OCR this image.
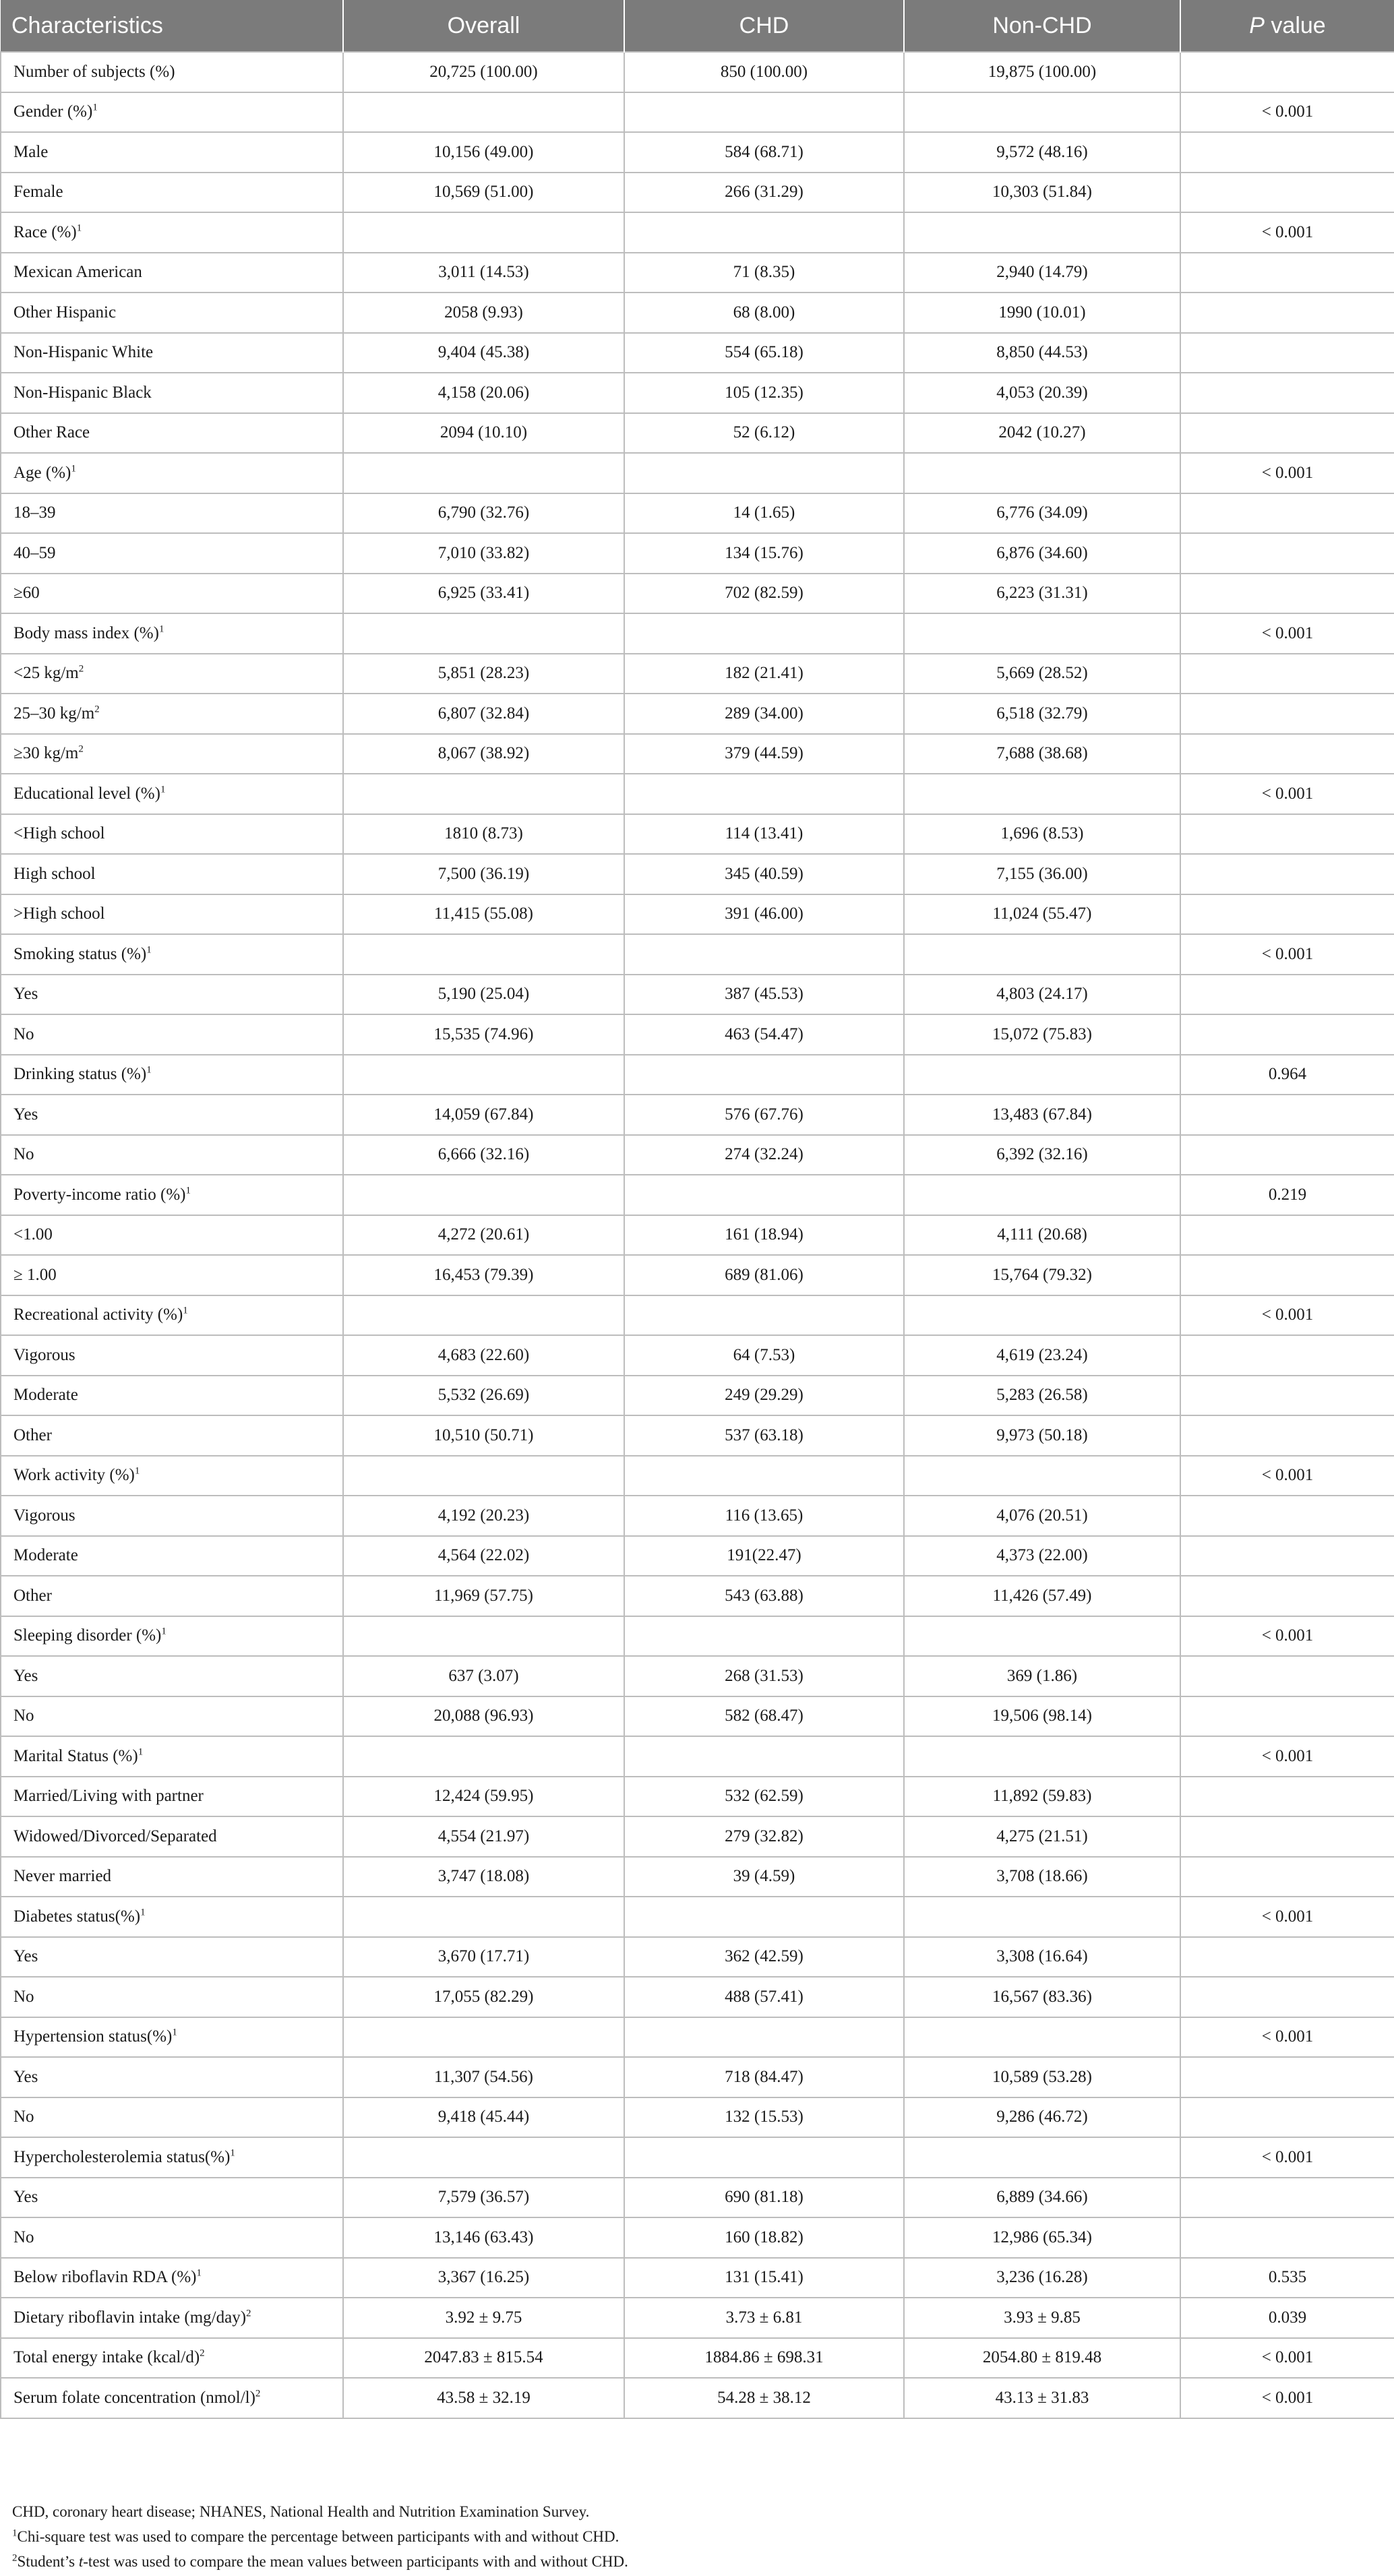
Characteristics	Overall	CHD	Non-CHD	P value
Number of subjects (%)	20,725 (100.00)	850 (100.00)	19,875 (100.00)	
Gender (%)$^1$				< 0.001
Male	10,156 (49.00)	584 (68.71)	9,572 (48.16)	
Female	10,569 (51.00)	266 (31.29)	10,303 (51.84)	
Race (%)$^1$				< 0.001
Mexican American	3,011 (14.53)	71 (8.35)	2,940 (14.79)	
Other Hispanic	2058 (9.93)	68 (8.00)	1990 (10.01)	
Non-Hispanic White	9,404 (45.38)	554 (65.18)	8,850 (44.53)	
Non-Hispanic Black	4,158 (20.06)	105 (12.35)	4,053 (20.39)	
Other Race	2094 (10.10)	52 (6.12)	2042 (10.27)	
Age (%)$^1$				< 0.001
18–39	6,790 (32.76)	14 (1.65)	6,776 (34.09)	
40–59	7,010 (33.82)	134 (15.76)	6,876 (34.60)	
≥60	6,925 (33.41)	702 (82.59)	6,223 (31.31)	
Body mass index (%)$^1$				< 0.001
<25 $kg/m^2$	5,851 (28.23)	182 (21.41)	5,669 (28.52)	
25–30 $kg/m^2$	6,807 (32.84)	289 (34.00)	6,518 (32.79)	
≥30 $kg/m^2$	8,067 (38.92)	379 (44.59)	7,688 (38.68)	
Educational level (%)$^1$				< 0.001
<High school	1810 (8.73)	114 (13.41)	1,696 (8.53)	
High school	7,500 (36.19)	345 (40.59)	7,155 (36.00)	
>High school	11,415 (55.08)	391 (46.00)	11,024 (55.47)	
Smoking status (%)$^1$				< 0.001
Yes	5,190 (25.04)	387 (45.53)	4,803 (24.17)	
No	15,535 (74.96)	463 (54.47)	15,072 (75.83)	
Drinking status (%)$^1$				0.964
Yes	14,059 (67.84)	576 (67.76)	13,483 (67.84)	
No	6,666 (32.16)	274 (32.24)	6,392 (32.16)	
Poverty-income ratio (%)$^1$				0.219
<1.00	4,272 (20.61)	161 (18.94)	4,111 (20.68)	
≥ 1.00	16,453 (79.39)	689 (81.06)	15,764 (79.32)	
Recreational activity (%)$^1$				< 0.001
Vigorous	4,683 (22.60)	64 (7.53)	4,619 (23.24)	
Moderate	5,532 (26.69)	249 (29.29)	5,283 (26.58)	
Other	10,510 (50.71)	537 (63.18)	9,973 (50.18)	
Work activity (%)$^1$				< 0.001
Vigorous	4,192 (20.23)	116 (13.65)	4,076 (20.51)	
Moderate	4,564 (22.02)	191(22.47)	4,373 (22.00)	
Other	11,969 (57.75)	543 (63.88)	11,426 (57.49)	
Sleeping disorder (%)$^1$				< 0.001
Yes	637 (3.07)	268 (31.53)	369 (1.86)	
No	20,088 (96.93)	582 (68.47)	19,506 (98.14)	
Marital Status (%)$^1$				< 0.001
Married/Living with partner	12,424 (59.95)	532 (62.59)	11,892 (59.83)	
Widowed/Divorced/Separated	4,554 (21.97)	279 (32.82)	4,275 (21.51)	
Never married	3,747 (18.08)	39 (4.59)	3,708 (18.66)	
Diabetes status(%)$^1$				< 0.001
Yes	3,670 (17.71)	362 (42.59)	3,308 (16.64)	
No	17,055 (82.29)	488 (57.41)	16,567 (83.36)	
Hypertension status(%)$^1$				< 0.001
Yes	11,307 (54.56)	718 (84.47)	10,589 (53.28)	
No	9,418 (45.44)	132 (15.53)	9,286 (46.72)	
Hypercholesterolemia status(%)$^1$				< 0.001
Yes	7,579 (36.57)	690 (81.18)	6,889 (34.66)	
No	13,146 (63.43)	160 (18.82)	12,986 (65.34)	
Below riboflavin RDA (%)$^1$	3,367 (16.25)	131 (15.41)	3,236 (16.28)	0.535
Dietary riboflavin intake $(mg/day)^2$	3.92 ± 9.75	3.73 ± 6.81	3.93 ± 9.85	0.039
Total energy intake (kcal/d)$^2$	2047.83 ± 815.54	1884.86 ± 698.31	2054.80 ± 819.48	< 0.001
Serum folate concentration (nmol/l)$^2$	43.58 ± 32.19	54.28 ± 38.12	43.13 ± 31.83	< 0.001
CHD, coronary heart disease; NHANES, National Health and Nutrition Examination Survey.
$^1$Chi-square test was used to compare the percentage between participants with and without CHD.
$^2$Student’s t-test was used to compare the mean values between participants with and without CHD.
